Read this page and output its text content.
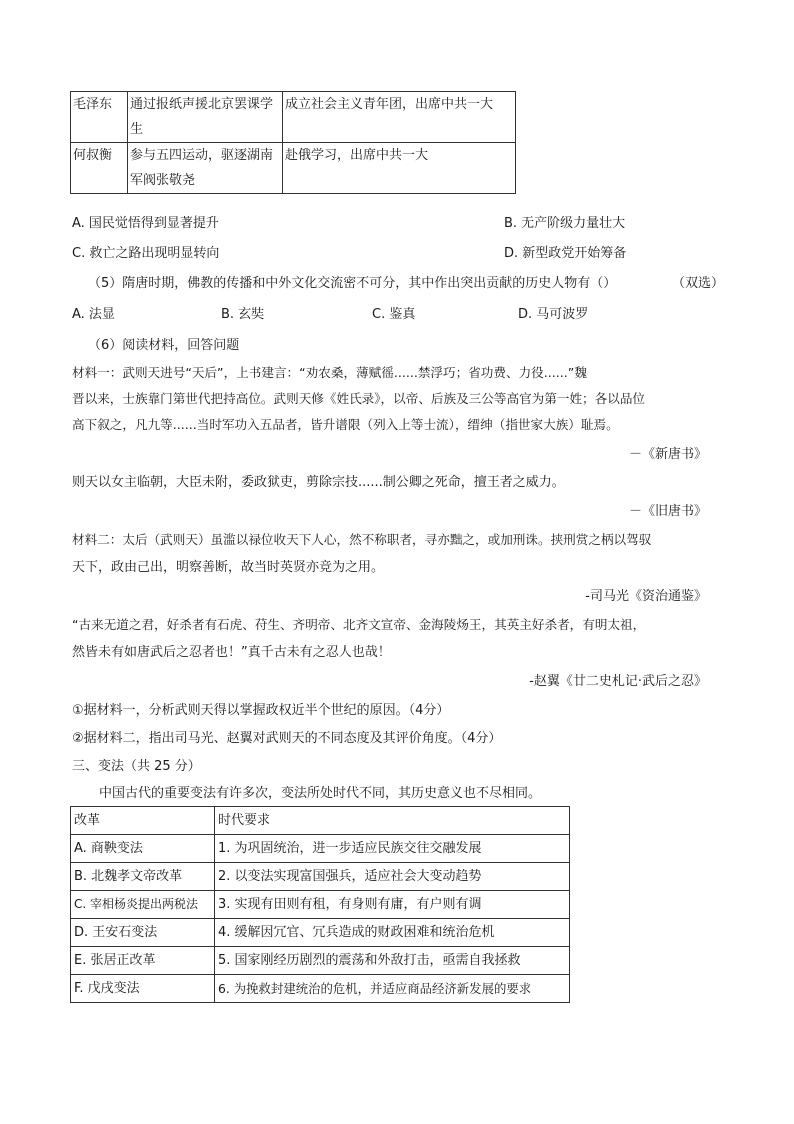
毛泽东	通过报纸声援北京罢课学生	成立社会主义青年团，出席中共一大
何叔衡	参与五四运动，驱逐湖南军阀张敬尧	赴俄学习，出席中共一大
A. 国民觉悟得到显著提升	B. 无产阶级力量壮大
C. 救亡之路出现明显转向	D. 新型政党开始筹备
（5）隋唐时期，佛教的传播和中外文化交流密不可分，其中作出突出贡献的历史人物有（）	（双选）
A. 法显	B. 玄奘	C. 鉴真	D. 马可波罗
（6）阅读材料，回答问题
材料一：武则天进号“天后”，上书建言：“劝农桑，薄赋徭......禁浮巧；省功费、力役......”魏
晋以来，士族靠门第世代把持高位。武则天修《姓氏录》，以帝、后族及三公等高官为第一姓；各以品位
高下叙之，凡九等......当时军功入五品者，皆升谱限（列入上等士流），缙绅（指世家大族）耻焉。
－《新唐书》
则天以女主临朝，大臣未附，委政狱吏，剪除宗技......制公卿之死命，擅王者之威力。
－《旧唐书》
材料二：太后（武则天）虽滥以禄位收天下人心，然不称职者，寻亦黜之，或加刑诛。挟刑赏之柄以驾驭
天下，政由己出，明察善断，故当时英贤亦竞为之用。
-司马光《资治通鉴》
“古来无道之君，好杀者有石虎、苻生、齐明帝、北齐文宣帝、金海陵炀王，其英主好杀者，有明太祖，
然皆未有如唐武后之忍者也！”真千古未有之忍人也哉！
-赵翼《廿二史札记·武后之忍》
①据材料一，分析武则天得以掌握政权近半个世纪的原因。（4分）
②据材料二，指出司马光、赵翼对武则天的不同态度及其评价角度。（4分）
三、变法（共 25 分）
中国古代的重要变法有许多次，变法所处时代不同，其历史意义也不尽相同。
改革	时代要求
A. 商鞅变法	1. 为巩固统治，进一步适应民族交往交融发展
B. 北魏孝文帝改革	2. 以变法实现富国强兵，适应社会大变动趋势
C. 宰相杨炎提出两税法	3. 实现有田则有租，有身则有庸，有户则有调
D. 王安石变法	4. 缓解因冗官、冗兵造成的财政困难和统治危机
E. 张居正改革	5. 国家刚经历剧烈的震荡和外敌打击，亟需自我拯救
F. 戊戌变法	6. 为挽救封建统治的危机，并适应商品经济新发展的要求
